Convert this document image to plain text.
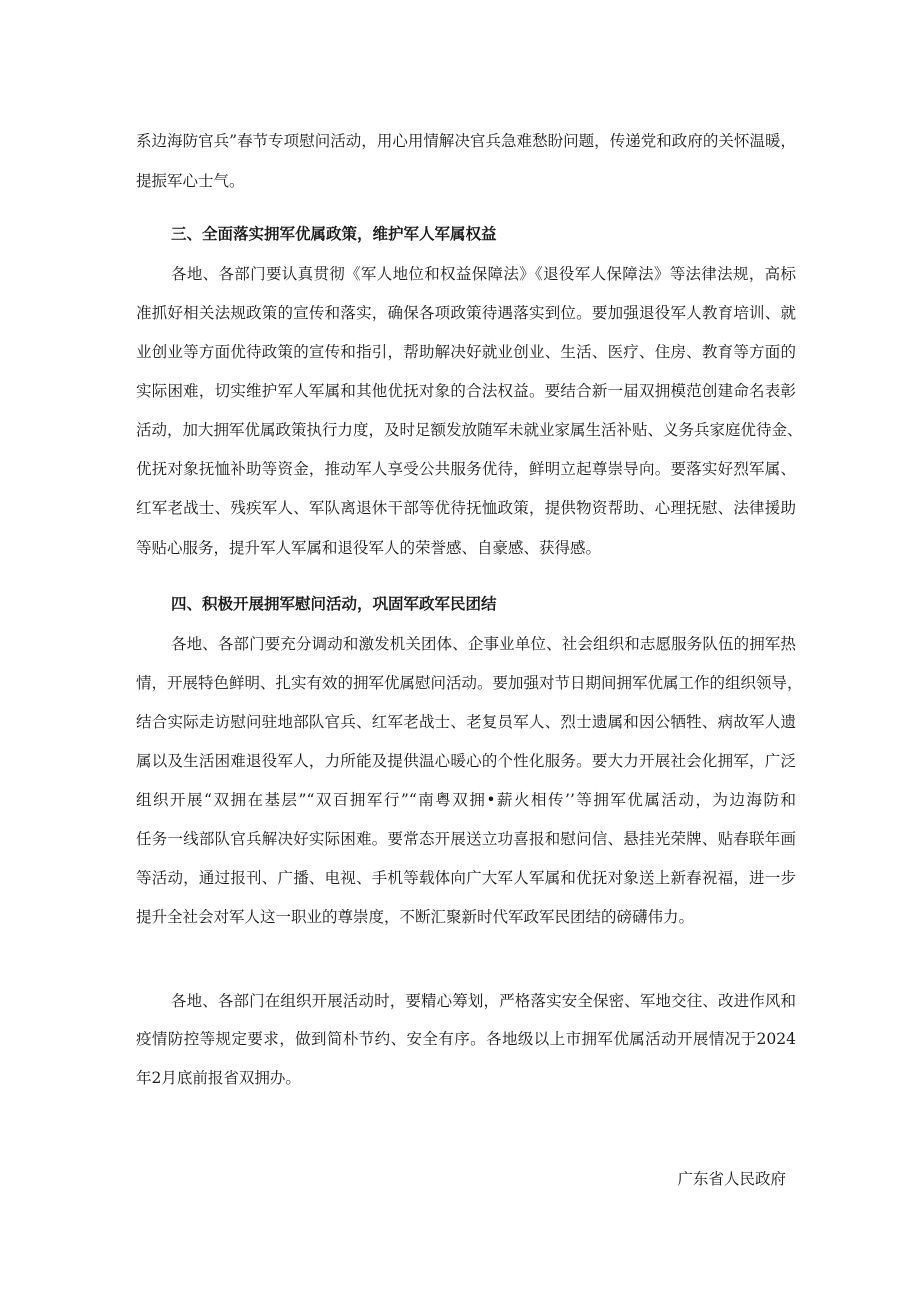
系边海防官兵”春节专项慰问活动，用心用情解决官兵急难愁盼问题，传递党和政府的关怀温暖，
提振军心士气。
三、全面落实拥军优属政策，维护军人军属权益
各地、各部门要认真贯彻《军人地位和权益保障法》《退役军人保障法》等法律法规，高标
准抓好相关法规政策的宣传和落实，确保各项政策待遇落实到位。要加强退役军人教育培训、就
业创业等方面优待政策的宣传和指引，帮助解决好就业创业、生活、医疗、住房、教育等方面的
实际困难，切实维护军人军属和其他优抚对象的合法权益。要结合新一届双拥模范创建命名表彰
活动，加大拥军优属政策执行力度，及时足额发放随军未就业家属生活补贴、义务兵家庭优待金、
优抚对象抚恤补助等资金，推动军人享受公共服务优待，鲜明立起尊崇导向。要落实好烈军属、
红军老战士、残疾军人、军队离退休干部等优待抚恤政策，提供物资帮助、心理抚慰、法律援助
等贴心服务，提升军人军属和退役军人的荣誉感、自豪感、获得感。
四、积极开展拥军慰问活动，巩固军政军民团结
各地、各部门要充分调动和激发机关团体、企事业单位、社会组织和志愿服务队伍的拥军热
情，开展特色鲜明、扎实有效的拥军优属慰问活动。要加强对节日期间拥军优属工作的组织领导，
结合实际走访慰问驻地部队官兵、红军老战士、老复员军人、烈士遗属和因公牺牲、病故军人遗
属以及生活困难退役军人，力所能及提供温心暖心的个性化服务。要大力开展社会化拥军，广泛
组织开展“双拥在基层”“双百拥军行”“南粤双拥•薪火相传’’等拥军优属活动，为边海防和
任务一线部队官兵解决好实际困难。要常态开展送立功喜报和慰问信、悬挂光荣牌、贴春联年画
等活动，通过报刊、广播、电视、手机等载体向广大军人军属和优抚对象送上新春祝福，进一步
提升全社会对军人这一职业的尊崇度，不断汇聚新时代军政军民团结的磅礴伟力。
各地、各部门在组织开展活动时，要精心筹划，严格落实安全保密、军地交往、改进作风和
疫情防控等规定要求，做到简朴节约、安全有序。各地级以上市拥军优属活动开展情况于2024
年2月底前报省双拥办。
广东省人民政府
